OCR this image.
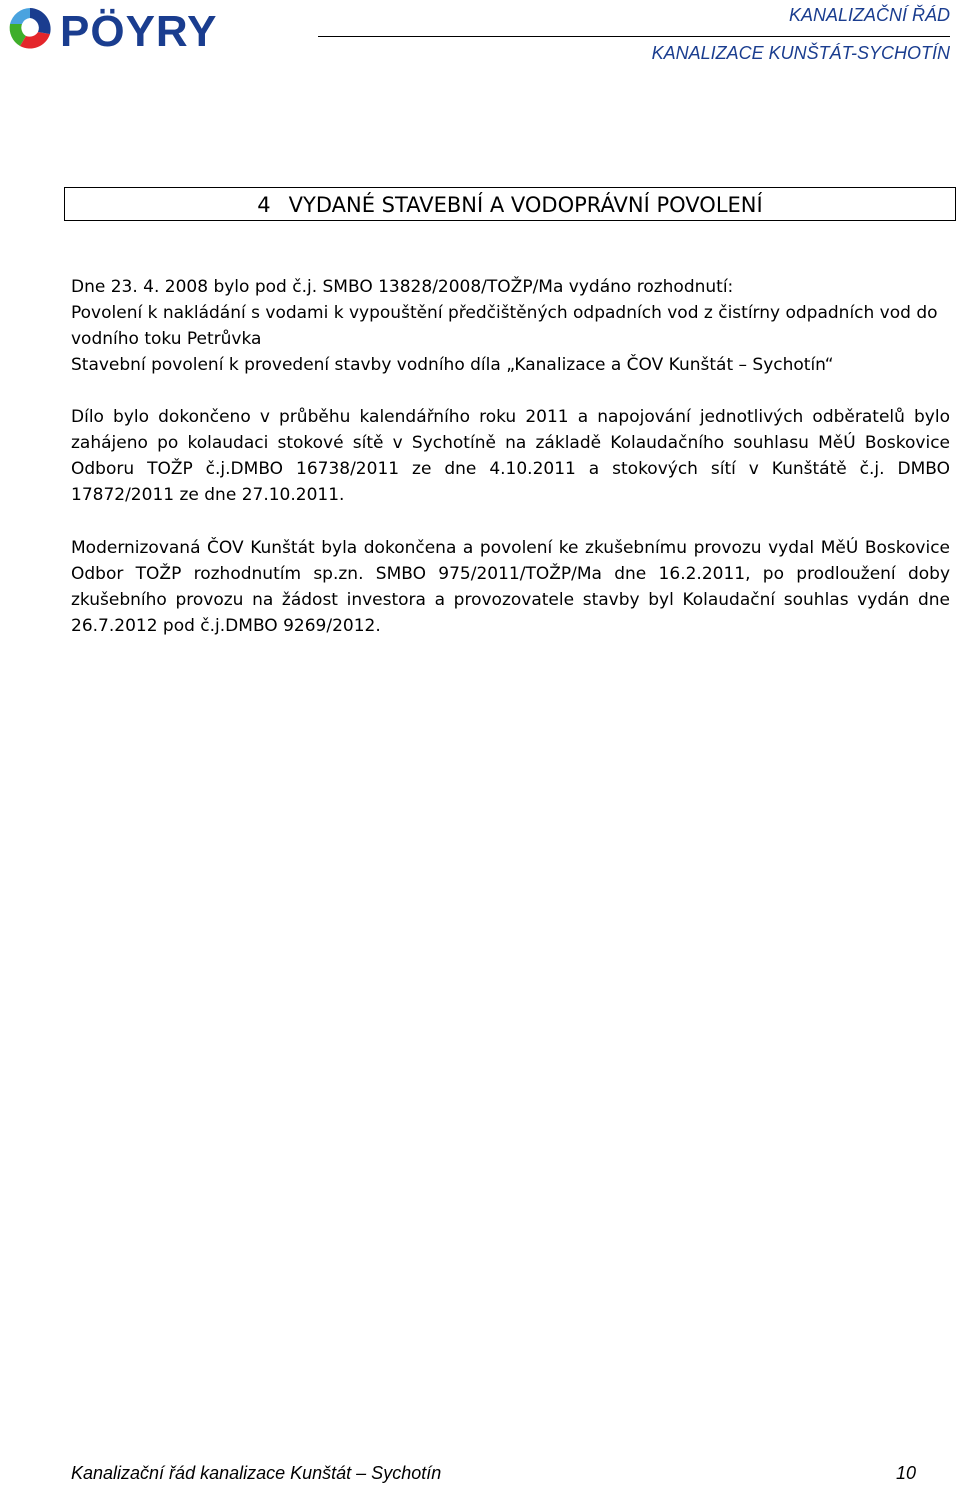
PÖYRY	KANALIZAČNÍ ŘÁD
KANALIZACE KUNŠTÁT-SYCHOTÍN
4 VYDANÉ STAVEBNÍ A VODOPRÁVNÍ POVOLENÍ
Dne 23. 4. 2008 bylo pod č.j. SMBO 13828/2008/TOŽP/Ma vydáno rozhodnutí:
Povolení k nakládání s vodami k vypouštění předčištěných odpadních vod z čistírny odpadních vod do vodního toku Petrůvka
Stavební povolení k provedení stavby vodního díla „Kanalizace a ČOV Kunštát – Sychotín“
Dílo bylo dokončeno v průběhu kalendářního roku 2011 a napojování jednotlivých odběratelů bylo zahájeno po kolaudaci stokové sítě v Sychotíně na základě Kolaudačního souhlasu MěÚ Boskovice Odboru TOŽP č.j.DMBO 16738/2011 ze dne 4.10.2011 a stokových sítí v Kunštátě č.j. DMBO 17872/2011 ze dne 27.10.2011.
Modernizovaná ČOV Kunštát byla dokončena a povolení ke zkušebnímu provozu vydal MěÚ Boskovice Odbor TOŽP rozhodnutím sp.zn. SMBO 975/2011/TOŽP/Ma dne 16.2.2011, po prodloužení doby zkušebního provozu na žádost investora a provozovatele stavby byl Kolaudační souhlas vydán dne 26.7.2012 pod č.j.DMBO 9269/2012.
Kanalizační řád kanalizace Kunštát – Sychotín	10
